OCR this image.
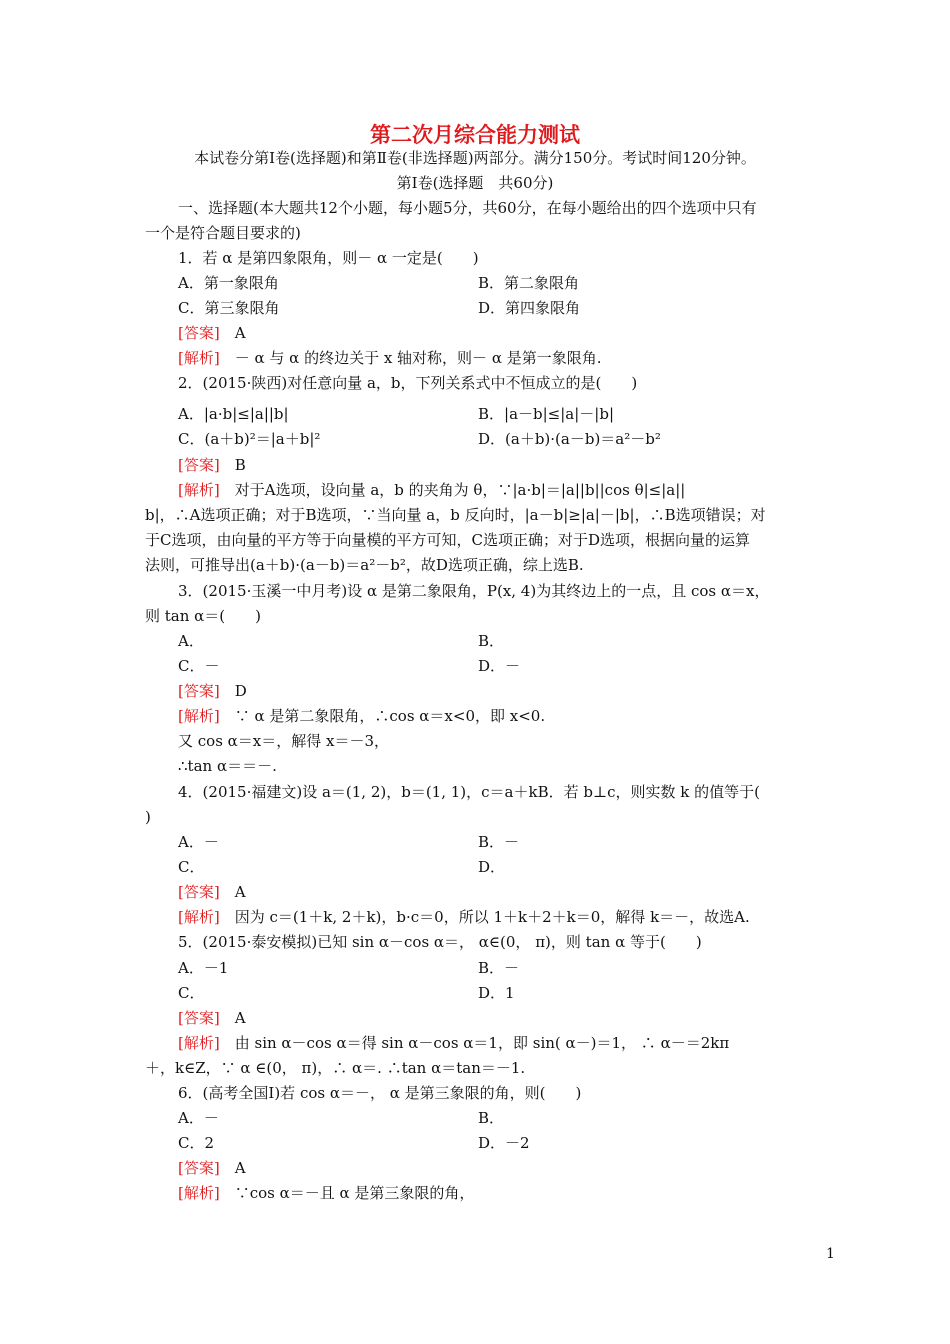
第二次月综合能力测试
本试卷分第Ⅰ卷(选择题)和第Ⅱ卷(非选择题)两部分。满分150分。考试时间120分钟。
第Ⅰ卷(选择题　共60分)
一、选择题(本大题共12个小题，每小题5分，共60分，在每小题给出的四个选项中只有
一个是符合题目要求的)
1．若 α 是第四象限角，则－ α 一定是(　　)
A．第一象限角	B．第二象限角
C．第三象限角	D．第四象限角
[答案]　 A
[解析]　 － α 与 α 的终边关于 x 轴对称，则－ α 是第一象限角.
2．(2015·陕西)对任意向量 a，b，下列关系式中不恒成立的是(　　)
A．|a·b|≤|a||b|	B．|a－b|≤|a|－|b|
C．(a＋b)²＝|a＋b|²	D．(a＋b)·(a－b)＝a²－b²
[答案]　 B
[解析]　 对于A选项，设向量 a，b 的夹角为 θ，∵|a·b|＝|a||b||cos θ|≤|a||
b|，∴A选项正确；对于B选项，∵当向量 a，b 反向时，|a－b|≥|a|－|b|，∴B选项错误；对
于C选项，由向量的平方等于向量模的平方可知，C选项正确；对于D选项，根据向量的运算
法则，可推导出(a＋b)·(a－b)＝a²－b²，故D选项正确，综上选B.
3．(2015·玉溪一中月考)设 α 是第二象限角，P(x, 4)为其终边上的一点，且 cos α＝x，
则 tan α＝(　　)
A．	B．
C．－	D．－
[答案]　 D
[解析]　 ∵ α 是第二象限角，∴cos α＝x<0，即 x<0.
又 cos α＝x＝，解得 x＝－3，
∴tan α＝＝－.
4．(2015·福建文)设 a＝(1, 2)，b＝(1, 1)，c＝a＋kB．若 b⊥c，则实数 k 的值等于(
)
A．－	B．－
C．	D．
[答案]　 A
[解析]　 因为 c＝(1＋k, 2＋k)，b·c＝0，所以 1＋k＋2＋k＝0，解得 k＝－，故选A.
5．(2015·泰安模拟)已知 sin α－cos α＝， α∈(0， π)，则 tan α 等于(　　)
A．－1	B．－
C．	D．1
[答案]　 A
[解析]　 由 sin α－cos α＝得 sin α－cos α＝1，即 sin( α－)＝1， ∴ α－＝2kπ
＋，k∈Z，∵ α ∈(0， π)，∴ α＝. ∴tan α＝tan＝－1.
6．(高考全国Ⅰ)若 cos α＝－， α 是第三象限的角，则(　　)
A．－	B．
C．2	D．－2
[答案]　 A
[解析]　 ∵cos α＝－且 α 是第三象限的角，
1
